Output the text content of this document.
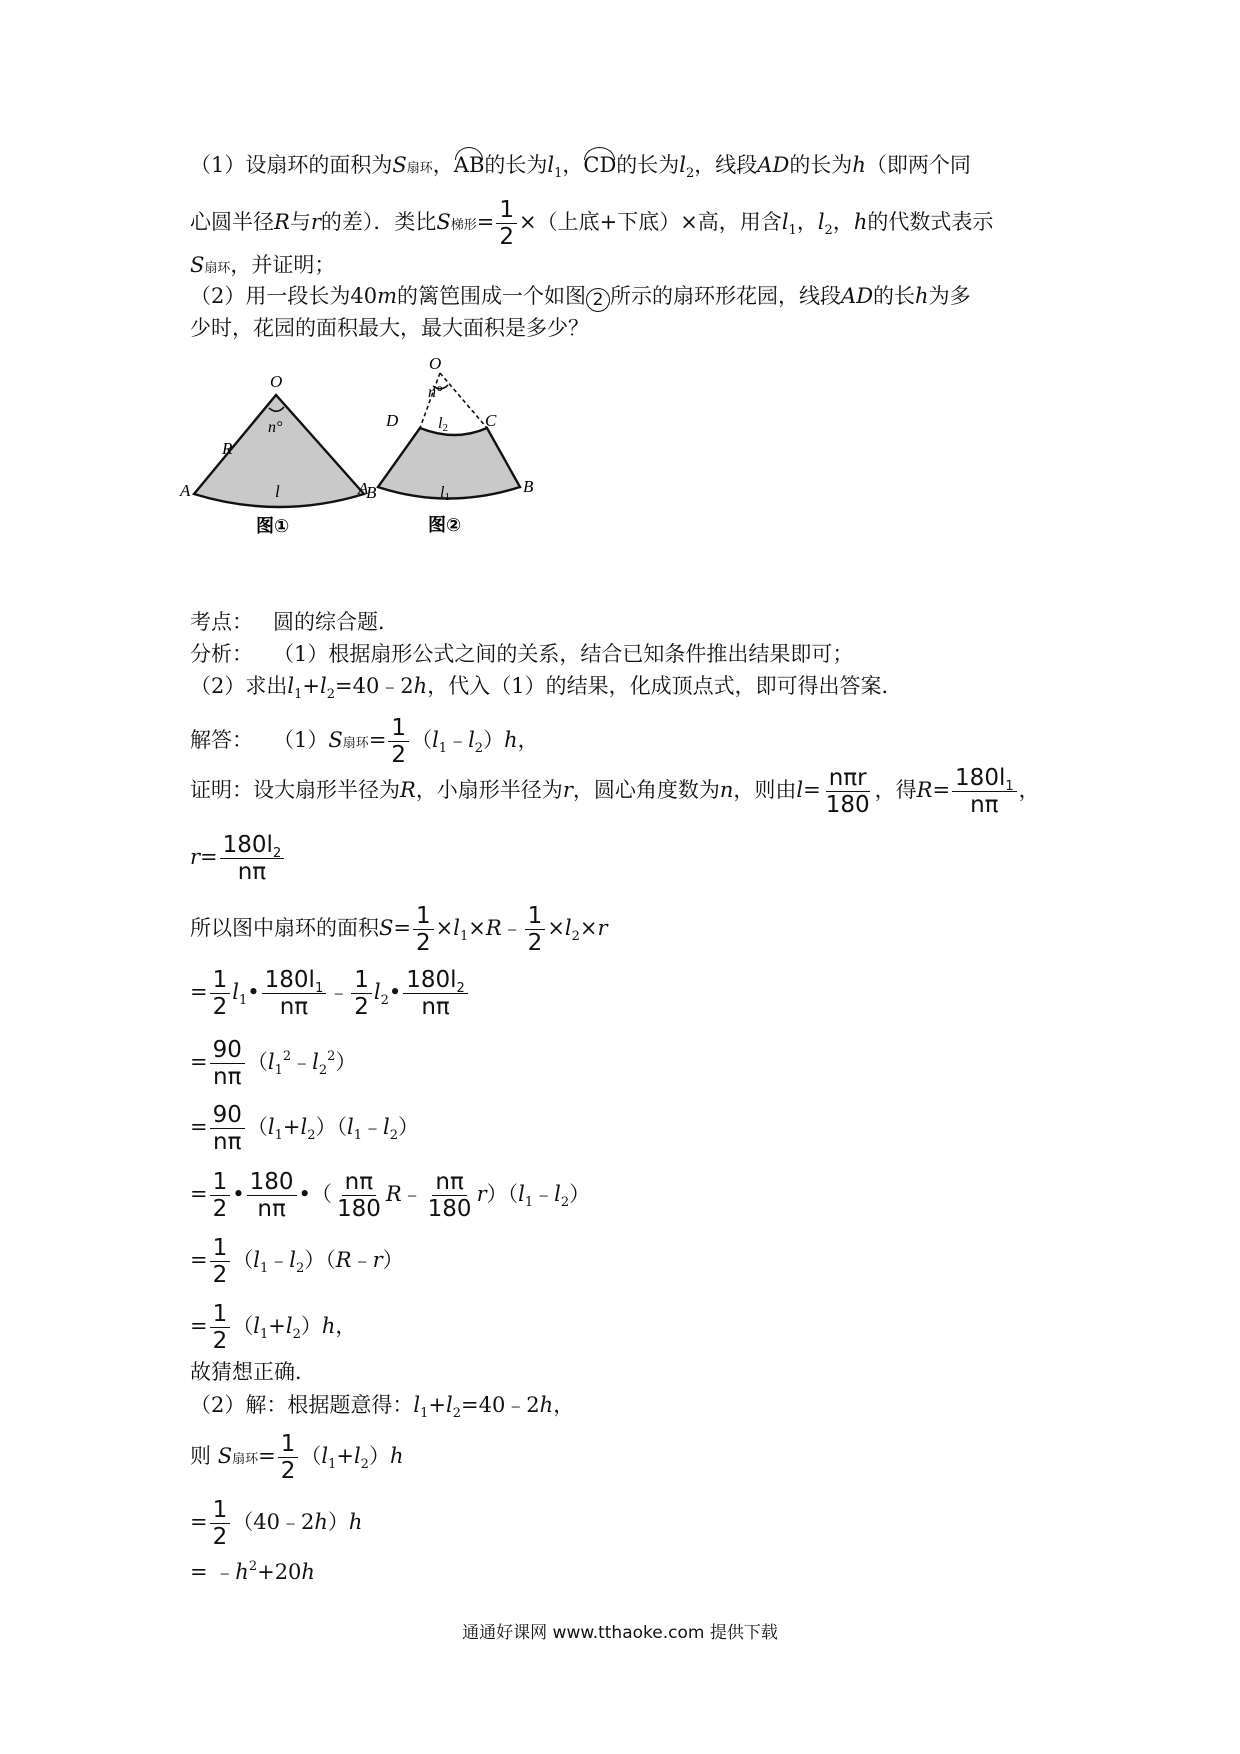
（1）设扇环的面积为S扇环，AB的长为$l_1$，CD的长为$l_2$，线段AD的长为h（即两个同
心圆半径R与r的差）．类比S梯形= $\frac{1}{2}$ ×（上底+下底）×高，用含$l_1$，$l_2$，h的代数式表示
S扇环，并证明；
（2）用一段长为40m的篱笆围成一个如图 2 所示的扇环形花园，线段AD的长h为多
少时，花园的面积最大，最大面积是多少？
O
n°
R
A	B
l
图①
O
n°
D	C
l2
A	B
l1
图②
考点： 圆的综合题．
分析： （1）根据扇形公式之间的关系，结合已知条件推出结果即可；
（2）求出$l_1+l_2=40﹣2h$，代入（1）的结果，化成顶点式，即可得出答案．
解答： （1）S扇环= $\frac{1}{2}$ $(l_1﹣l_2)h$，
证明：设大扇形半径为R，小扇形半径为r，圆心角度数为n，则由$l= \frac{\text{nπr}}{180}$ ，得$R= \frac{180l_1}{n\pi}$ ，
$r= \frac{180l_2}{n\pi}$
所以图中扇环的面积$S= \frac{1}{2}$ $\times l_1\times R﹣ \frac{1}{2} \times l_2\times r$
= $\frac{1}{2}$ $l_1• \frac{180l_1}{n\pi}$ ﹣ $\frac{1}{2}$ $l_2• \frac{180l_2}{n\pi}$
= $\frac{90}{n\pi}$ $(l_1^2﹣l_2^2)$
= $\frac{90}{n\pi}$ $(l_1+l_2)(l_1﹣l_2)$
= $\frac{1}{2}$ • $\frac{180}{n\pi}$ •（ $\frac{n\pi}{180}$ R﹣ $\frac{n\pi}{180}$ $r)(l_1﹣l_2)$
= $\frac{1}{2}$ $(l_1﹣l_2)(R﹣r)$
= $\frac{1}{2} (l_1+l_2)h$，
故猜想正确．
（2）解：根据题意得：$l_1+l_2=40﹣2h$，
则 S扇环= $\frac{1}{2} (l_1+l_2)h$
= $\frac{1}{2}$ （40﹣2h）h
= $﹣h^2+20h$
通通好课网 www.tthaoke.com 提供下载
